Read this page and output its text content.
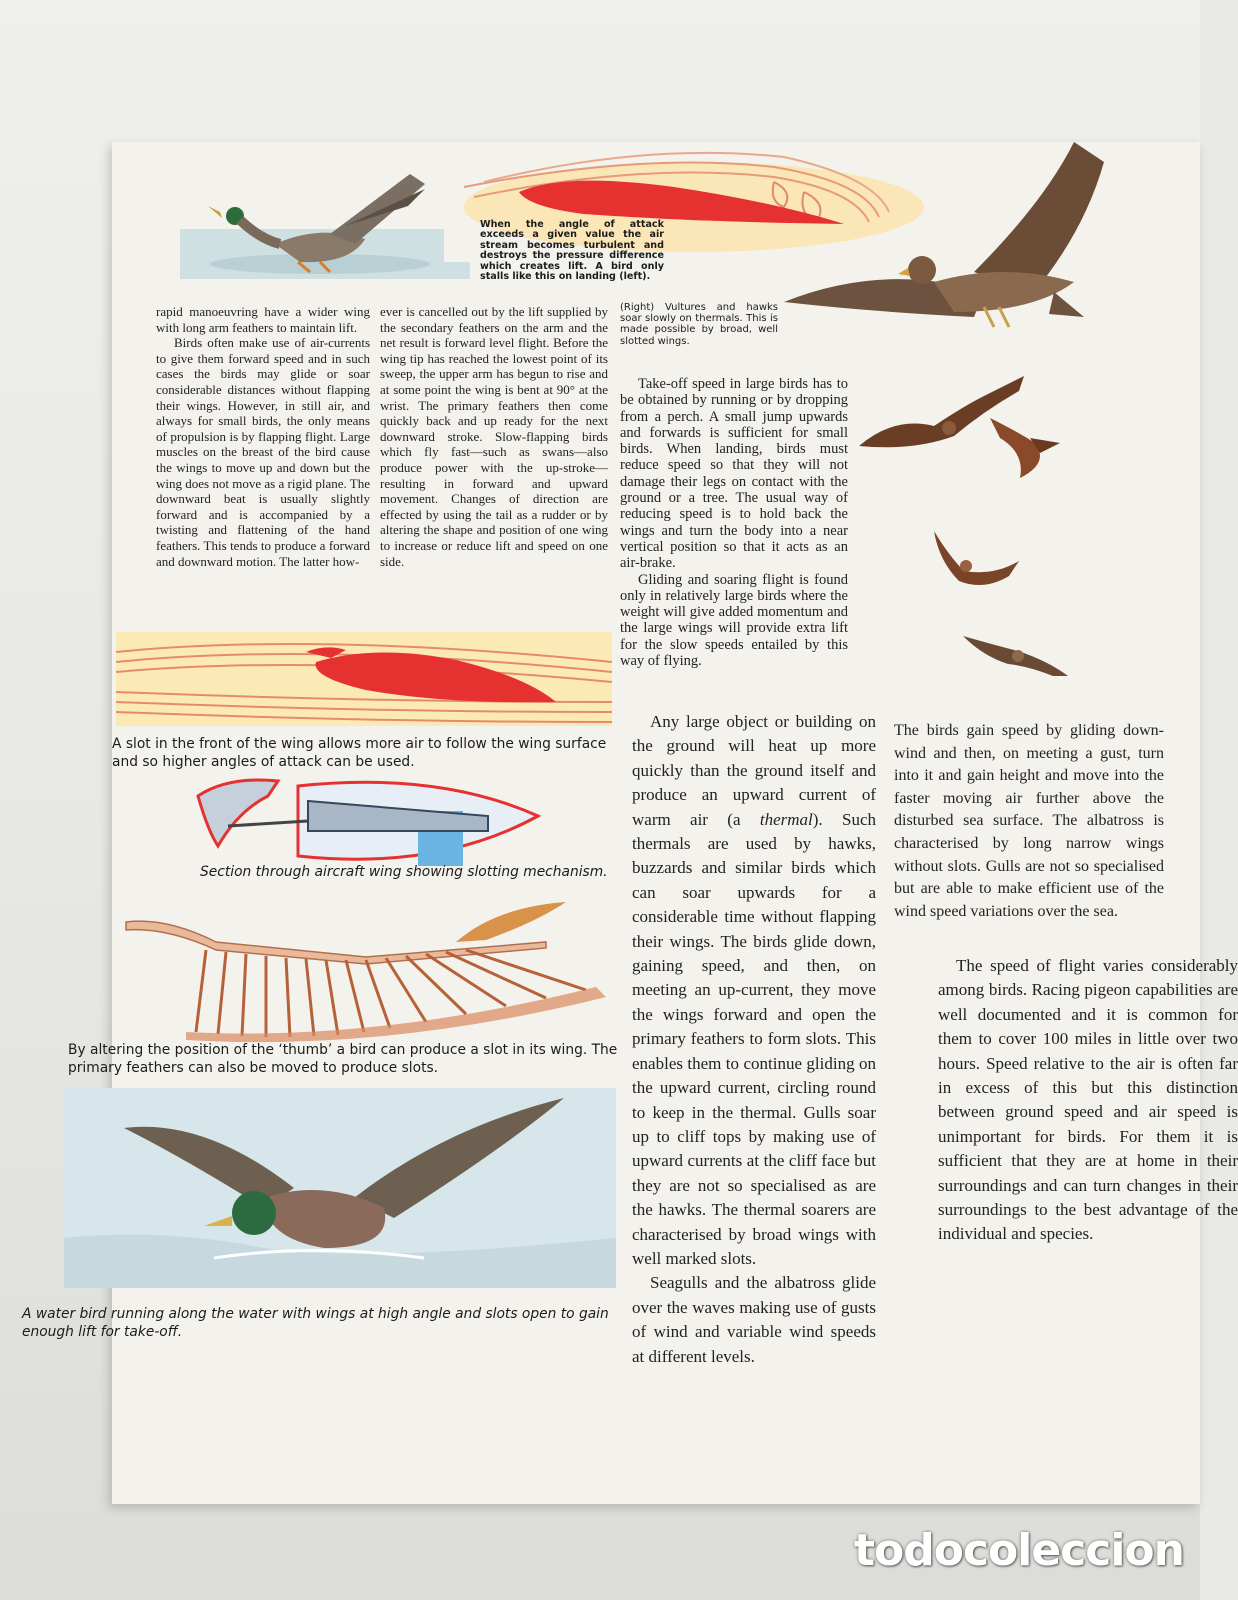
When the angle of attack exceeds a given value the air stream becomes turbulent and destroys the pressure difference which creates lift. A bird only stalls like this on landing (left).
(Right) Vultures and hawks soar slowly on thermals. This is made possible by broad, well slotted wings.

rapid manoeuvring have a wider wing with long arm feathers to maintain lift.

Birds often make use of air-currents to give them forward speed and in such cases the birds may glide or soar considerable distances without flapping their wings. However, in still air, and always for small birds, the only means of propulsion is by flapping flight. Large muscles on the breast of the bird cause the wings to move up and down but the wing does not move as a rigid plane. The downward beat is usually slightly forward and is accompanied by a twisting and flattening of the hand feathers. This tends to produce a forward and downward motion. The latter how-

ever is cancelled out by the lift supplied by the secondary feathers on the arm and the net result is forward level flight. Before the wing tip has reached the lowest point of its sweep, the upper arm has begun to rise and at some point the wing is bent at 90° at the wrist. The primary feathers then come quickly back and up ready for the next downward stroke. Slow-flapping birds which fly fast—such as swans—also produce power with the up-stroke—resulting in forward and upward movement. Changes of direction are effected by using the tail as a rudder or by altering the shape and position of one wing to increase or reduce lift and speed on one side.

Take-off speed in large birds has to be obtained by running or by dropping from a perch. A small jump upwards and forwards is sufficient for small birds. When landing, birds must reduce speed so that they will not damage their legs on contact with the ground or a tree. The usual way of reducing speed is to hold back the wings and turn the body into a near vertical position so that it acts as an air-brake.

Gliding and soaring flight is found only in relatively large birds where the weight will give added momentum and the large wings will provide extra lift for the slow speeds entailed by this way of flying.

A slot in the front of the wing allows more air to follow the wing surface and so higher angles of attack can be used.
Section through aircraft wing showing slotting mechanism.
By altering the position of the ‘thumb’ a bird can produce a slot in its wing. The primary feathers can also be moved to produce slots.
A water bird running along the water with wings at high angle and slots open to gain enough lift for take-off.

Any large object or building on the ground will heat up more quickly than the ground itself and produce an upward current of warm air (a thermal). Such thermals are used by hawks, buzzards and similar birds which can soar upwards for a considerable time without flapping their wings. The birds glide down, gaining speed, and then, on meeting an up-current, they move the wings forward and open the primary feathers to form slots. This enables them to continue gliding on the upward current, circling round to keep in the thermal. Gulls soar up to cliff tops by making use of upward currents at the cliff face but they are not so specialised as are the hawks. The thermal soarers are characterised by broad wings with well marked slots.

Seagulls and the albatross glide over the waves making use of gusts of wind and variable wind speeds at different levels.

The birds gain speed by gliding down-wind and then, on meeting a gust, turn into it and gain height and move into the faster moving air further above the disturbed sea surface. The albatross is characterised by long narrow wings without slots. Gulls are not so specialised but are able to make efficient use of the wind speed variations over the sea.

The speed of flight varies considerably among birds. Racing pigeon capabilities are well documented and it is common for them to cover 100 miles in little over two hours. Speed relative to the air is often far in excess of this but this distinction between ground speed and air speed is unimportant for birds. For them it is sufficient that they are at home in their surroundings and can turn changes in their surroundings to the best advantage of the individual and species.

todocoleccion
